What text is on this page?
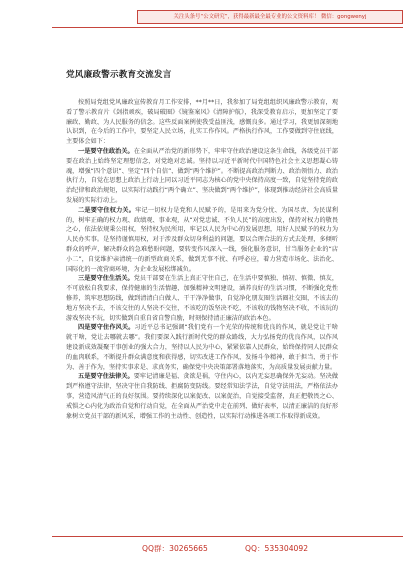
关注头条号“公文研究”，获得最新最全最专业的公文资料库！ 微信：gongwenyj
党风廉政警示教育交流发言

按照局党组党风廉政宣传教育月工作安排，**月**日，我参加了局党组组织风廉政警示教育，观看了警示教育片《剑指顽疾，破局破圈》《镜鉴案风》《清障护航》，我深受教育启示，更加坚定了要廉政、勤政、为人民服务的信念。这些反面案例使我受益匪浅，感慨良多。通过学习，我更加深刻地认识到，在今后的工作中，要坚定人民立场，扎实工作作风。严格执行作风，工作要做到守住底线，主要体会如下：

一是要守住政治关。在全面从严治党的新形势下，牢牢守住政治建设这条生命线，各级党员干部要在政治上始终坚定理想信念，对党绝对忠诚。坚持以习近平新时代中国特色社会主义思想凝心铸魂，增强“四个意识”、坚定“四个自信”、做到“两个维护”。不断提高政治判断力、政治领悟力、政治执行力，自觉在思想上政治上行动上同以习近平同志为核心的党中央保持高度一致，自觉坚持党的政治纪律和政治规矩，以实际行动践行“两个确立”、坚决做到“两个维护”，体现到推动经济社会高质量发展的实际行动上。

二是要守住权力关。牢记一切权力是党和人民赋予的，是用来为党分忧、为国尽责、为民谋利的，树牢正确的权力观、政绩观、事业观，从“对党忠诚、不负人民”的高度出发，保持对权力的敬畏之心，依法依规秉公用权，坚持权为民所用，牢记以人民为中心的发展思想，用好人民赋予的权力为人民办实事。是坚持谨慎用权，对于涉及群众切身利益的问题，要以合理合法的方式去处理，多倾听群众的呼声，解决群众的急难愁盼问题，要转变作风深入一线，强化服务意识，甘当服务企业的“店小二”，自觉维护亲清统一的新型政商关系，做到无事不扰、有呼必应，着力营造市场化、法治化、国际化的一流营商环境，为企业发展松绑减负。

三是要守住生活关。党员干部要在生活上真正守住自己，在生活中要慎独、慎初、慎微、慎友，不可放松自我要求，保持健康的生活情趣，加强精神文明建设，涵养良好的生活习惯，不断强化党性修养，筑牢思想防线，做到清清白白做人、干干净净做事，自觉净化朋友圈生活圈社交圈，不该去的地方坚决不去，不该交往的人坚决不交往，不该吃的饭坚决不吃，不该收的钱物坚决不收，不该玩的游戏坚决不玩，切实做到自重自省自警自励，时刻保持清正廉洁的政治本色。

四是要守住作风关。习近平总书记强调“我们党有一个光荣的传统和优良的作风，就是党让干啥就干啥，党让去哪就去哪”。我们要深入践行新时代党的群众路线，大力弘扬党的优良作风，以作风建设新成效凝聚干事创业的强大合力，坚持以人民为中心，紧紧依靠人民群众，始终保持同人民群众的血肉联系，不断提升群众满意度和获得感，切实改进工作作风，发扬斗争精神，敢于担当、勇于作为、善于作为，坚持实事求是、求真务实，确保党中央决策部署落地落实，为高质量发展贡献力量。

五是要守住法律关。要牢记清廉是福、贪欲是祸，守住内心，以内无妄思确保外无妄动。坚决做到严格遵守法律，坚决守住自我防线、拒腐防变防线。要经常知法学法，自觉守法用法，严格依法办事，营造风清气正的良好氛围。要持续深化以案促改、以案促治，自觉接受监督，真正把敬畏之心、戒惧之心内化为政治自觉和行动自觉，在全面从严治党中走在前列、做好表率，以清正廉洁的良好形象树立党员干部的新风采，增强工作的主动性、创造性，以实际行动推进各项工作取得新成效。

QQ群：30265665	QQ：535304092
